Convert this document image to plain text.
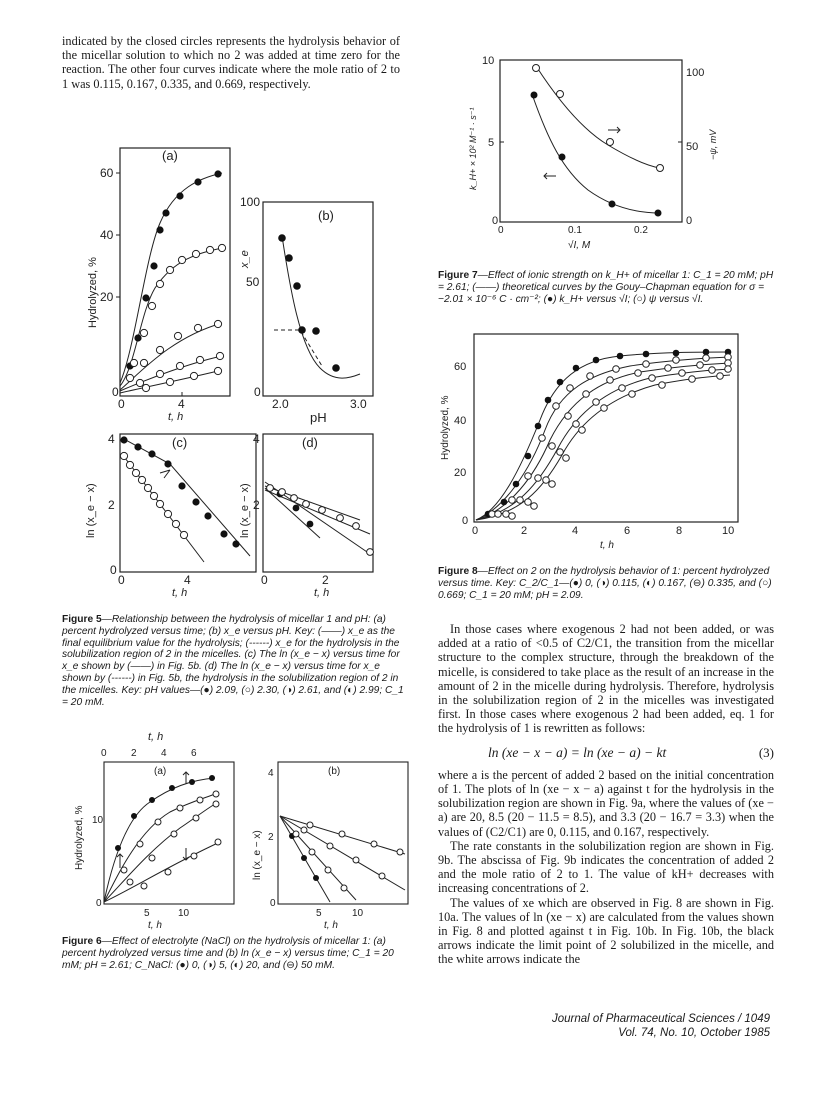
indicated by the closed circles represents the hydrolysis behavior of the micellar solution to which no 2 was added at time zero for the reaction. The other four curves indicate where the mole ratio of 2 to 1 was 0.115, 0.167, 0.335, and 0.669, respectively.

(a)
60
40
20
0
0	4
t, h
Hydrolyzed, %
(b)
100
50
0
2.0	3.0
pH
x_e
(c)
4
2
0
0	4
t, h
ln (x_e − x)
(d)
4
2
0	2
t, h
ln (x_e − x)
Figure 5—Relationship between the hydrolysis of micellar 1 and pH: (a) percent hydrolyzed versus time; (b) x_e versus pH. Key: (——) x_e as the final equilibrium value for the hydrolysis; (------) x_e for the hydrolysis in the solubilization region of 2 in the micelles. (c) The ln (x_e − x) versus time for x_e shown by (——) in Fig. 5b. (d) The ln (x_e − x) versus time for x_e shown by (------) in Fig. 5b, the hydrolysis in the solubilization region of 2 in the micelles. Key: pH values—(●) 2.09, (○) 2.30, (◑) 2.61, and (◐) 2.99; C_1 = 20 mM.
t, h
0 2 4 6
(a)
10
0
5	10
t, h
Hydrolyzed, %
(b)
4
2
0
5	10
t, h
ln (x_e − x)
Figure 6—Effect of electrolyte (NaCl) on the hydrolysis of micellar 1: (a) percent hydrolyzed versus time and (b) ln (x_e − x) versus time; C_1 = 20 mM; pH = 2.61; C_NaCl: (●) 0, (◑) 5, (◐) 20, and (⊖) 50 mM.
10
5
0
100
50
0
0	0.1	0.2
√I, M
k_H+ × 10² M⁻¹ · s⁻¹	−ψ, mV
Figure 7—Effect of ionic strength on k_H+ of micellar 1: C_1 = 20 mM; pH = 2.61; (——) theoretical curves by the Gouy–Chapman equation for σ = −2.01 × 10⁻⁶ C · cm⁻²; (●) k_H+ versus √I; (○) ψ versus √I.
60
40
20
0
0	2	4	6	8	10
t, h
Hydrolyzed, %
Figure 8—Effect on 2 on the hydrolysis behavior of 1: percent hydrolyzed versus time. Key: C_2/C_1—(●) 0, (◑) 0.115, (◐) 0.167, (⊖) 0.335, and (○) 0.669; C_1 = 20 mM; pH = 2.09.

In those cases where exogenous 2 had not been added, or was added at a ratio of <0.5 of C2/C1, the transition from the micellar structure to the complex structure, through the breakdown of the micelle, is considered to take place as the result of an increase in the amount of 2 in the micelle during hydrolysis. Therefore, hydrolysis in the solubilization region of 2 in the micelles was investigated first. In those cases where exogenous 2 had been added, eq. 1 for the hydrolysis of 1 is rewritten as follows:

ln (xe − x − a) = ln (xe − a) − kt	(3)

where a is the percent of added 2 based on the initial concentration of 1. The plots of ln (xe − x − a) against t for the hydrolysis in the solubilization region are shown in Fig. 9a, where the values of (xe − a) are 20, 8.5 (20 − 11.5 = 8.5), and 3.3 (20 − 16.7 = 3.3) when the values of (C2/C1) are 0, 0.115, and 0.167, respectively.

The rate constants in the solubilization region are shown in Fig. 9b. The abscissa of Fig. 9b indicates the concentration of added 2 and the mole ratio of 2 to 1. The value of kH+ decreases with increasing concentrations of 2.

The values of xe which are observed in Fig. 8 are shown in Fig. 10a. The values of ln (xe − x) are calculated from the values shown in Fig. 8 and plotted against t in Fig. 10b. In Fig. 10b, the black arrows indicate the limit point of 2 solubilized in the micelle, and the white arrows indicate the

Journal of Pharmaceutical Sciences / 1049
Vol. 74, No. 10, October 1985
